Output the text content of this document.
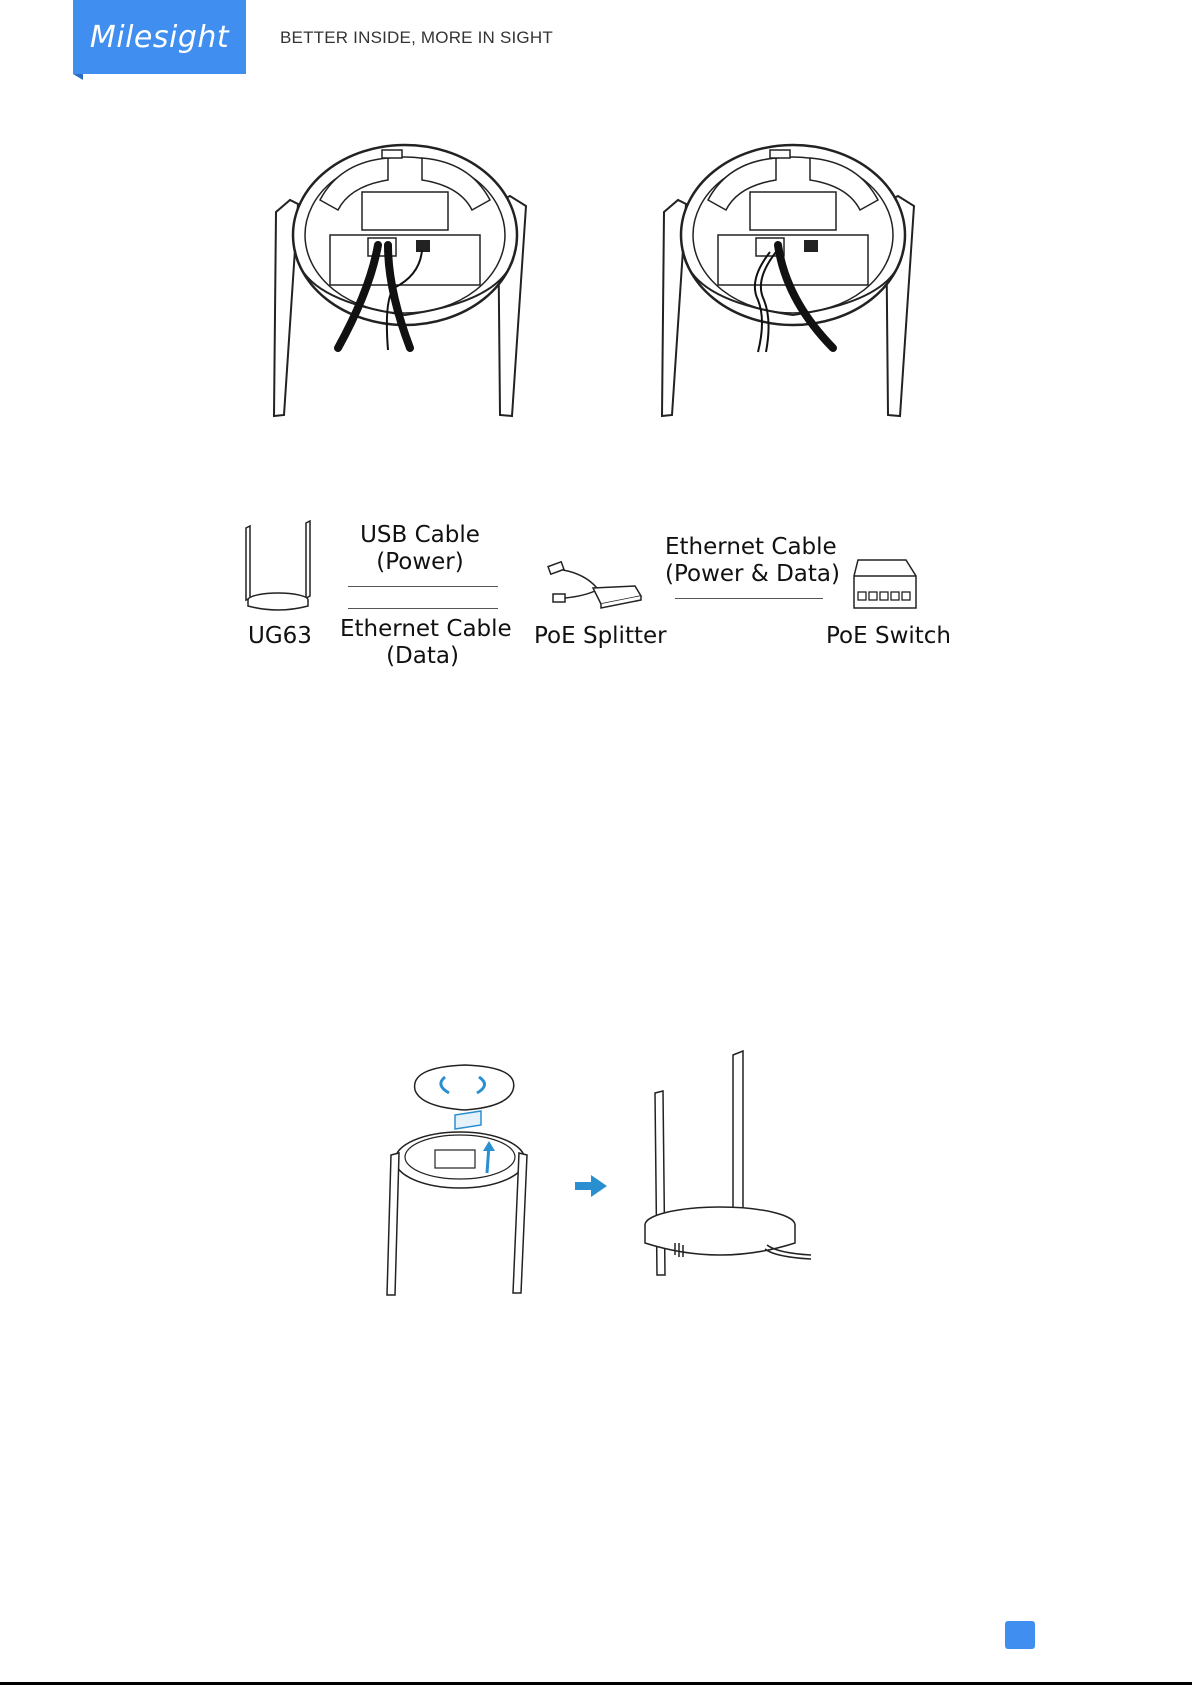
Milesight	BETTER INSIDE, MORE IN SIGHT
UG63
USB Cable
(Power)
Ethernet Cable
(Data)
PoE Splitter
Ethernet Cable
(Power & Data)
PoE Switch
